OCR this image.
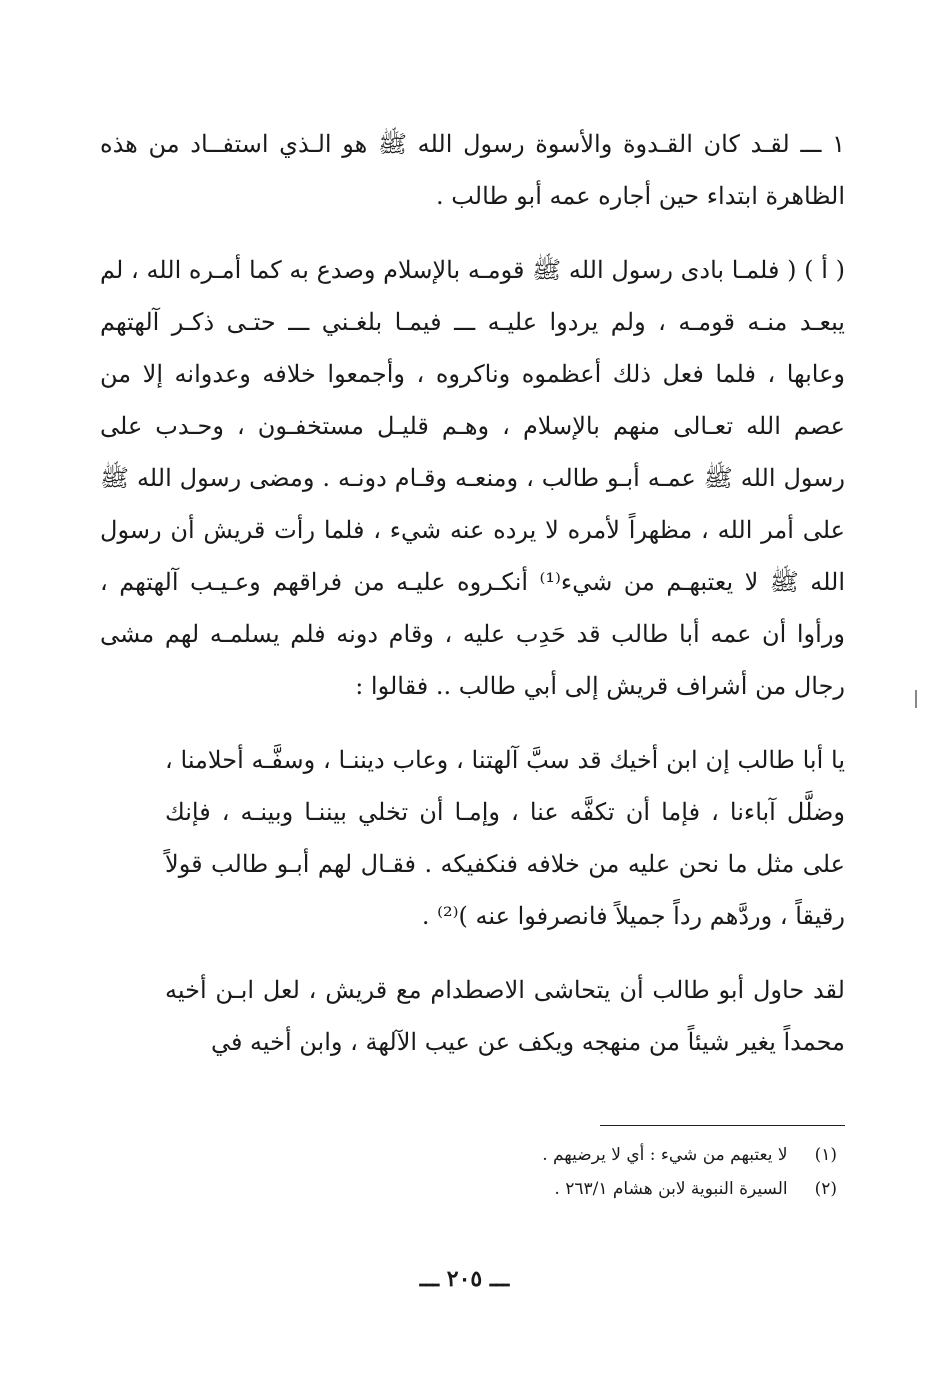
١ ـــ لقـد كان القـدوة والأسوة رسول الله ﷺ هو الـذي استفــاد من هذه الظاهرة ابتداء حين أجاره عمه أبو طالب .

( أ ) ( فلمـا بادى رسول الله ﷺ قومـه بالإسلام وصدع به كما أمـره الله ، لم يبعـد منـه قومـه ، ولم يردوا عليـه ـــ فيمـا بلغـني ـــ حتـى ذكـر آلهتهم وعابها ، فلما فعل ذلك أعظموه وناكروه ، وأجمعوا خلافه وعدوانه إلا من عصم الله تعـالى منهم بالإسلام ، وهـم قليـل مستخفـون ، وحـدب على رسول الله ﷺ عمـه أبـو طالب ، ومنعـه وقـام دونـه . ومضى رسول الله ﷺ على أمر الله ، مظهراً لأمره لا يرده عنه شيء ، فلما رأت قريش أن رسول الله ﷺ لا يعتبهـم من شيء⁽¹⁾ أنكـروه عليـه من فراقهم وعـيـب آلهتهم ، ورأوا أن عمه أبا طالب قد حَدِب عليه ، وقام دونه فلم يسلمـه لهم مشى رجال من أشراف قريش إلى أبي طالب .. فقالوا :

يا أبا طالب إن ابن أخيك قد سبَّ آلهتنا ، وعاب ديننـا ، وسفَّـه أحلامنا ، وضلَّل آباءنا ، فإما أن تكفَّه عنا ، وإمـا أن تخلي بيننـا وبينـه ، فإنك على مثل ما نحن عليه من خلافه فنكفيكه . فقـال لهم أبـو طالب قولاً رقيقاً ، وردَّهم رداً جميلاً فانصرفوا عنه )⁽²⁾ .

لقد حاول أبو طالب أن يتحاشى الاصطدام مع قريش ، لعل ابـن أخيه محمداً يغير شيئاً من منهجه ويكف عن عيب الآلهة ، وابن أخيه في

(١) لا يعتبهم من شيء : أي لا يرضيهم .

(٢) السيرة النبوية لابن هشام ٢٦٣/١ .

ـــ ٢٠٥ ـــ
